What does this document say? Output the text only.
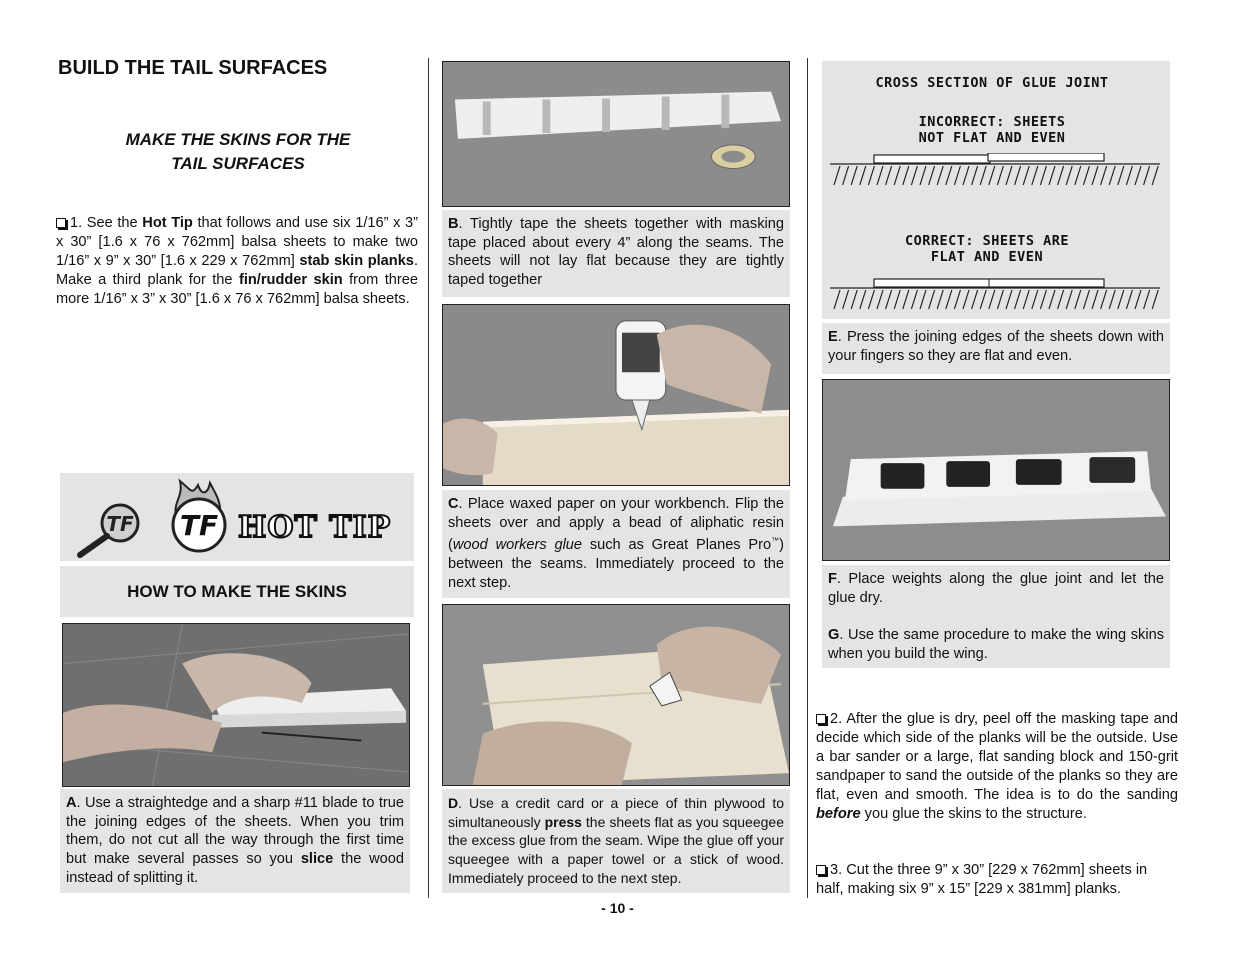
BUILD THE TAIL SURFACES
MAKE THE SKINS FOR THE
TAIL SURFACES
1. See the Hot Tip that follows and use six 1/16” x 3” x 30” [1.6 x 76 x 762mm] balsa sheets to make two 1/16” x 9” x 30” [1.6 x 229 x 762mm] stab skin planks. Make a third plank for the fin/rudder skin from three more 1/16” x 3” x 30” [1.6 x 76 x 762mm] balsa sheets.
TF TF HOT TIP
HOW TO MAKE THE SKINS
A. Use a straightedge and a sharp #11 blade to true the joining edges of the sheets. When you trim them, do not cut all the way through the first time but make several passes so you slice the wood instead of splitting it.
B. Tightly tape the sheets together with masking tape placed about every 4” along the seams. The sheets will not lay flat because they are tightly taped together
C. Place waxed paper on your workbench. Flip the sheets over and apply a bead of aliphatic resin (wood workers glue such as Great Planes Pro™) between the seams. Immediately proceed to the next step.
D. Use a credit card or a piece of thin plywood to simultaneously press the sheets flat as you squeegee the excess glue from the seam. Wipe the glue off your squeegee with a paper towel or a stick of wood. Immediately proceed to the next step.
CROSS SECTION OF GLUE JOINT
INCORRECT: SHEETS
NOT FLAT AND EVEN
CORRECT: SHEETS ARE
FLAT AND EVEN
E. Press the joining edges of the sheets down with your fingers so they are flat and even.
F. Place weights along the glue joint and let the glue dry.
G. Use the same procedure to make the wing skins when you build the wing.
2. After the glue is dry, peel off the masking tape and decide which side of the planks will be the outside. Use a bar sander or a large, flat sanding block and 150-grit sandpaper to sand the outside of the planks so they are flat, even and smooth. The idea is to do the sanding before you glue the skins to the structure.
3. Cut the three 9” x 30” [229 x 762mm] sheets in half, making six 9” x 15” [229 x 381mm] planks.
- 10 -
